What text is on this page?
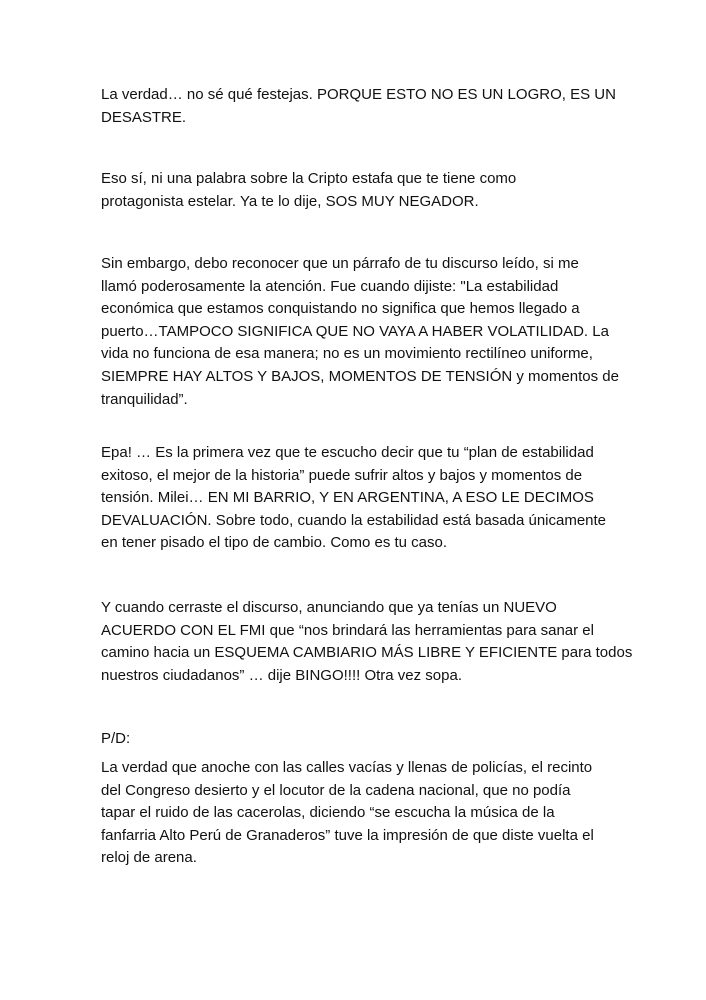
La verdad… no sé qué festejas. PORQUE ESTO NO ES UN LOGRO, ES UN
DESASTRE.

Eso sí, ni una palabra sobre la Cripto estafa que te tiene como
protagonista estelar. Ya te lo dije, SOS MUY NEGADOR.

Sin embargo, debo reconocer que un párrafo de tu discurso leído, si me
llamó poderosamente la atención. Fue cuando dijiste: "La estabilidad
económica que estamos conquistando no significa que hemos llegado a
puerto…TAMPOCO SIGNIFICA QUE NO VAYA A HABER VOLATILIDAD. La
vida no funciona de esa manera; no es un movimiento rectilíneo uniforme,
SIEMPRE HAY ALTOS Y BAJOS, MOMENTOS DE TENSIÓN y momentos de
tranquilidad”.

Epa! … Es la primera vez que te escucho decir que tu “plan de estabilidad
exitoso, el mejor de la historia” puede sufrir altos y bajos y momentos de
tensión. Milei… EN MI BARRIO, Y EN ARGENTINA, A ESO LE DECIMOS
DEVALUACIÓN. Sobre todo, cuando la estabilidad está basada únicamente
en tener pisado el tipo de cambio. Como es tu caso.

Y cuando cerraste el discurso, anunciando que ya tenías un NUEVO
ACUERDO CON EL FMI que “nos brindará las herramientas para sanar el
camino hacia un ESQUEMA CAMBIARIO MÁS LIBRE Y EFICIENTE para todos
nuestros ciudadanos” … dije BINGO!!!! Otra vez sopa.

P/D:

La verdad que anoche con las calles vacías y llenas de policías, el recinto
del Congreso desierto y el locutor de la cadena nacional, que no podía
tapar el ruido de las cacerolas, diciendo “se escucha la música de la
fanfarria Alto Perú de Granaderos” tuve la impresión de que diste vuelta el
reloj de arena.
